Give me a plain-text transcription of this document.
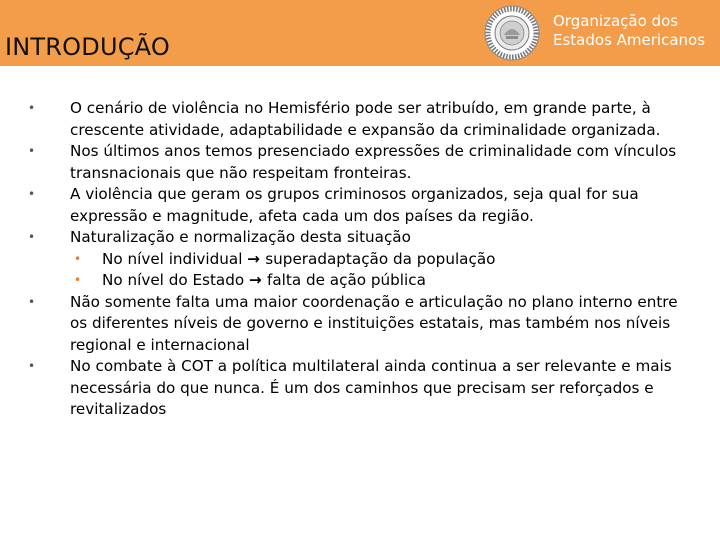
INTRODUÇÃO
Organização dos
Estados Americanos
• O cenário de violência no Hemisfério pode ser atribuído, em grande parte, à crescente atividade, adaptabilidade e expansão da criminalidade organizada.
• Nos últimos anos temos presenciado expressões de criminalidade com vínculos transnacionais que não respeitam fronteiras.
• A violência que geram os grupos criminosos organizados, seja qual for sua expressão e magnitude, afeta cada um dos países da região.
• Naturalização e normalização desta situação
• No nível individual → superadaptação da população
• No nível do Estado → falta de ação pública
• Não somente falta uma maior coordenação e articulação no plano interno entre os diferentes níveis de governo e instituições estatais, mas também nos níveis regional e internacional
• No combate à COT a política multilateral ainda continua a ser relevante e mais necessária do que nunca. É um dos caminhos que precisam ser reforçados e revitalizados
